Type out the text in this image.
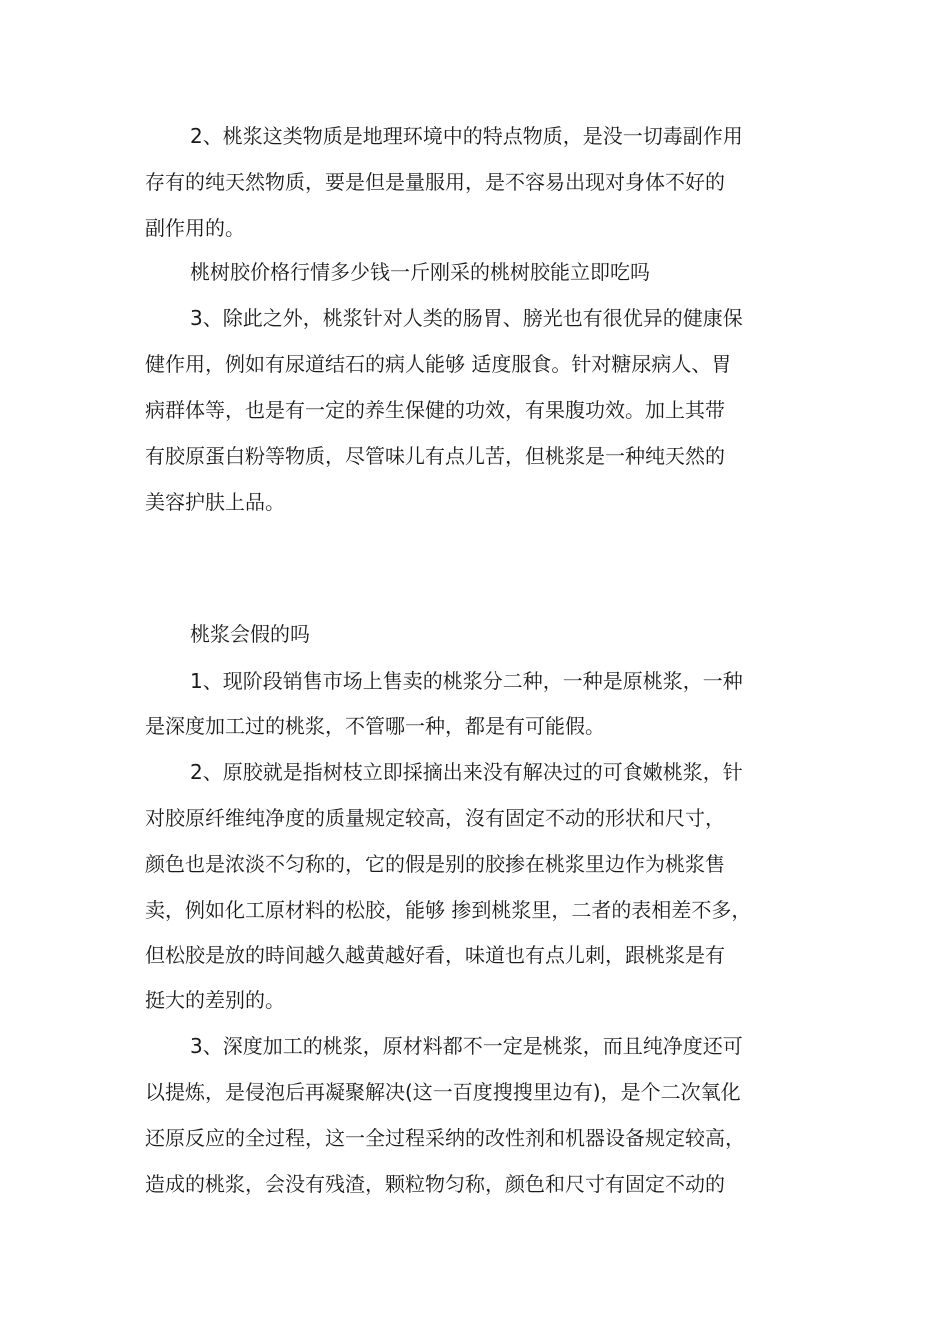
2、桃浆这类物质是地理环境中的特点物质，是没一切毒副作用
存有的纯天然物质，要是但是量服用，是不容易出现对身体不好的
副作用的。
桃树胶价格行情多少钱一斤刚采的桃树胶能立即吃吗
3、除此之外，桃浆针对人类的肠胃、膀光也有很优异的健康保
健作用，例如有尿道结石的病人能够 适度服食。针对糖尿病人、胃
病群体等，也是有一定的养生保健的功效，有果腹功效。加上其带
有胶原蛋白粉等物质，尽管味儿有点儿苦，但桃浆是一种纯天然的
美容护肤上品。
桃浆会假的吗
1、现阶段销售市场上售卖的桃浆分二种，一种是原桃浆，一种
是深度加工过的桃浆，不管哪一种，都是有可能假。
2、原胶就是指树枝立即採摘出来没有解决过的可食嫩桃浆，针
对胶原纤维纯净度的质量规定较高，沒有固定不动的形状和尺寸，
颜色也是浓淡不匀称的，它的假是别的胶掺在桃浆里边作为桃浆售
卖，例如化工原材料的松胶，能够 掺到桃浆里，二者的表相差不多，
但松胶是放的時间越久越黄越好看，味道也有点儿刺，跟桃浆是有
挺大的差别的。
3、深度加工的桃浆，原材料都不一定是桃浆，而且纯净度还可
以提炼，是侵泡后再凝聚解决(这一百度搜搜里边有)，是个二次氧化
还原反应的全过程，这一全过程采纳的改性剂和机器设备规定较高，
造成的桃浆，会没有残渣，颗粒物匀称，颜色和尺寸有固定不动的
